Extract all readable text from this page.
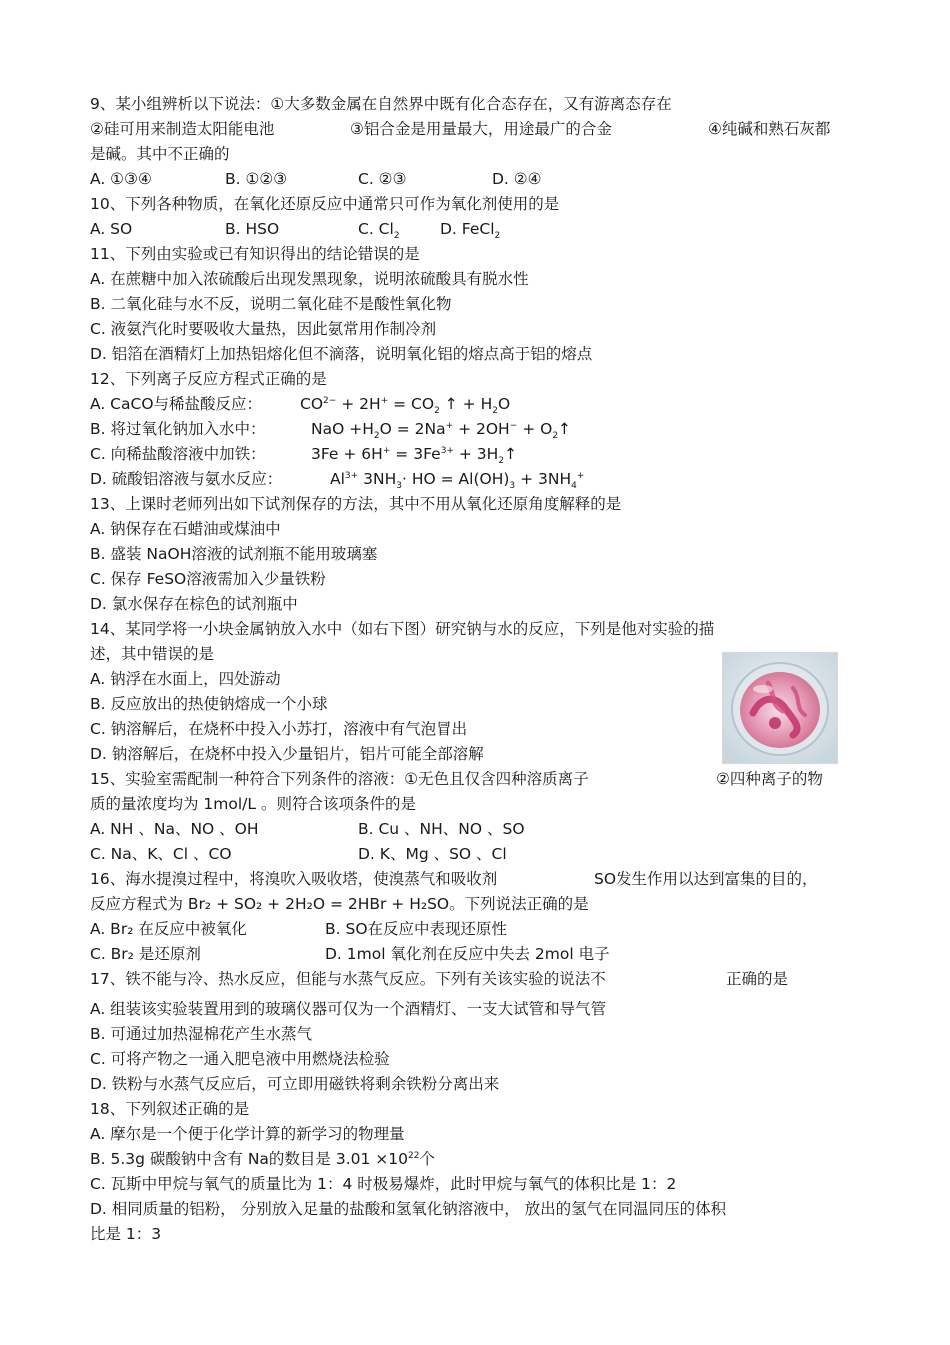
9、某小组辨析以下说法：①大多数金属在自然界中既有化合态存在，又有游离态存在
②硅可用来制造太阳能电池	③铝合金是用量最大，用途最广的合金	④纯碱和熟石灰都
是碱。其中不正确的
A. ①③④	B. ①②③	C. ②③	D. ②④
10、下列各种物质，在氧化还原反应中通常只可作为氧化剂使用的是
A. SO	B. HSO	C. $Cl_2$	D. FeCl$_2$
11、下列由实验或已有知识得出的结论错误的是
A. 在蔗糖中加入浓硫酸后出现发黑现象，说明浓硫酸具有脱水性
B. 二氧化硅与水不反，说明二氧化硅不是酸性氧化物
C. 液氨汽化时要吸收大量热，因此氨常用作制冷剂
D. 铝箔在酒精灯上加热铝熔化但不滴落，说明氧化铝的熔点高于铝的熔点
12、下列离子反应方程式正确的是
A. CaCO与稀盐酸反应： $CO^{2-} + 2H^+ = CO_2$ ↑ + $H_2O$
B. 将过氧化钠加入水中：	NaO $+H_2O = 2Na^+ + 2OH^-$ + $O_2↑$
C. 向稀盐酸溶液中加铁：	$3Fe + 6H^+ = 3Fe^{3+}$ + $3H_2↑$
D. 硫酸铝溶液与氨水反应：	$Al^{3+}$ $3NH_3\cdot$ HO = $Al(OH)_3 + 3NH_4^+$
13、上课时老师列出如下试剂保存的方法，其中不用从氧化还原角度解释的是
A. 钠保存在石蜡油或煤油中
B. 盛装 NaOH溶液的试剂瓶不能用玻璃塞
C. 保存 FeSO溶液需加入少量铁粉
D. 氯水保存在棕色的试剂瓶中
14、某同学将一小块金属钠放入水中（如右下图）研究钠与水的反应，下列是他对实验的描
述，其中错误的是
A. 钠浮在水面上，四处游动
B. 反应放出的热使钠熔成一个小球
C. 钠溶解后，在烧杯中投入小苏打，溶液中有气泡冒出
D. 钠溶解后，在烧杯中投入少量铝片，铝片可能全部溶解
15、实验室需配制一种符合下列条件的溶液：①无色且仅含四种溶质离子	②四种离子的物
质的量浓度均为 1mol/L 。则符合该项条件的是
A. NH 、Na、NO 、OH	B. Cu 、NH、NO 、SO
C. Na、K、Cl 、CO	D. K、Mg 、SO 、Cl
16、海水提溴过程中，将溴吹入吸收塔，使溴蒸气和吸收剂	SO发生作用以达到富集的目的，
反应方程式为 Br₂ + SO₂ + 2H₂O = 2HBr + H₂SO。下列说法正确的是
A. Br₂ 在反应中被氧化	B. SO在反应中表现还原性
C. Br₂ 是还原剂	D. 1mol 氧化剂在反应中失去 2mol 电子
17、铁不能与冷、热水反应，但能与水蒸气反应。下列有关该实验的说法不	正确的是
A. 组装该实验装置用到的玻璃仪器可仅为一个酒精灯、一支大试管和导气管
B. 可通过加热湿棉花产生水蒸气
C. 可将产物之一通入肥皂液中用燃烧法检验
D. 铁粉与水蒸气反应后，可立即用磁铁将剩余铁粉分离出来
18、下列叙述正确的是
A. 摩尔是一个便于化学计算的新学习的物理量
B. 5.3g 碳酸钠中含有 Na的数目是 $3.01 \times 10^{22}$个
C. 瓦斯中甲烷与氧气的质量比为 1：4 时极易爆炸，此时甲烷与氧气的体积比是 1：2
D. 相同质量的铝粉， 分别放入足量的盐酸和氢氧化钠溶液中， 放出的氢气在同温同压的体积
比是 1：3
